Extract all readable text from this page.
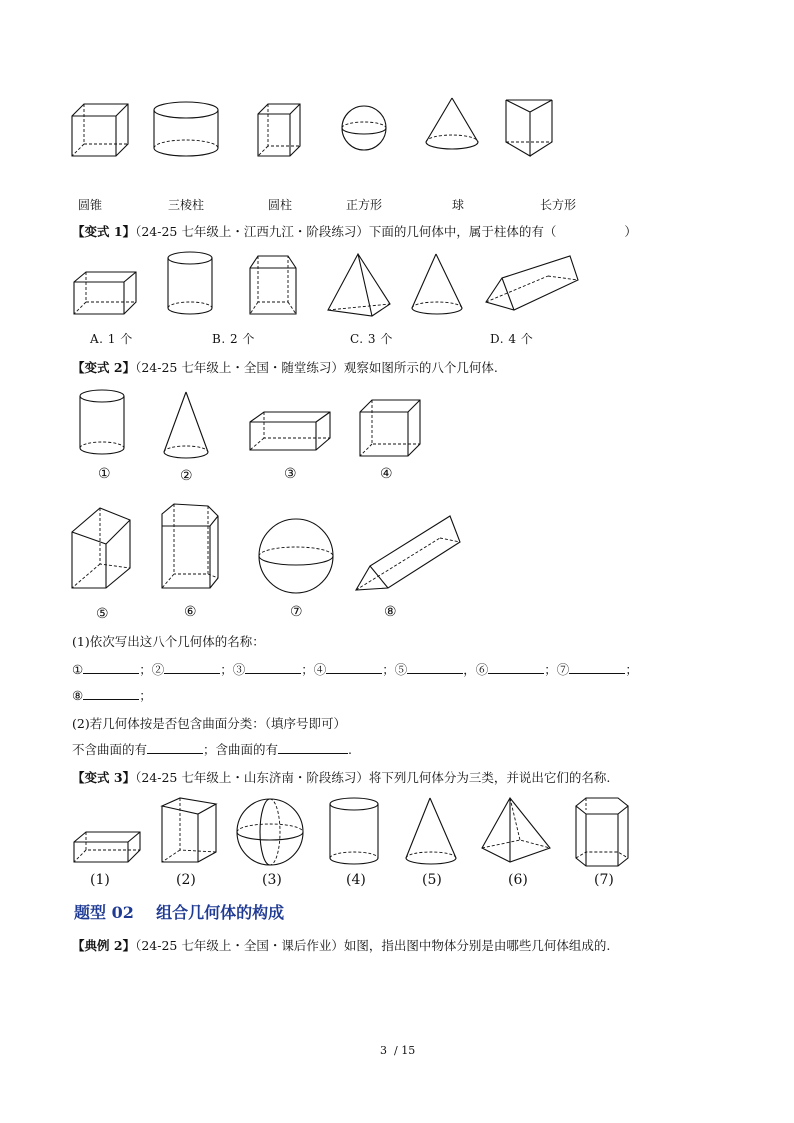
圆锥	三棱柱	圆柱	正方形	球	长方形
【变式 1】（24-25 七年级上・江西九江・阶段练习）下面的几何体中，属于柱体的有（	）
A. 1 个	B. 2 个	C. 3 个	D. 4 个
【变式 2】（24-25 七年级上・全国・随堂练习）观察如图所示的八个几何体.
①	②	③	④
⑤	⑥	⑦	⑧
(1)依次写出这八个几何体的名称：
①	；②	；③	；④	；⑤	，⑥	；⑦	；
⑧	；
(2)若几何体按是否包含曲面分类：（填序号即可）
不含曲面的有	；含曲面的有	.
【变式 3】（24-25 七年级上・山东济南・阶段练习）将下列几何体分为三类，并说出它们的名称.
(1)	(2)	(3)	(4)	(5)	(6)	(7)
题型 02    组合几何体的构成
【典例 2】（24-25 七年级上・全国・课后作业）如图，指出图中物体分别是由哪些几何体组成的.
3  / 15
